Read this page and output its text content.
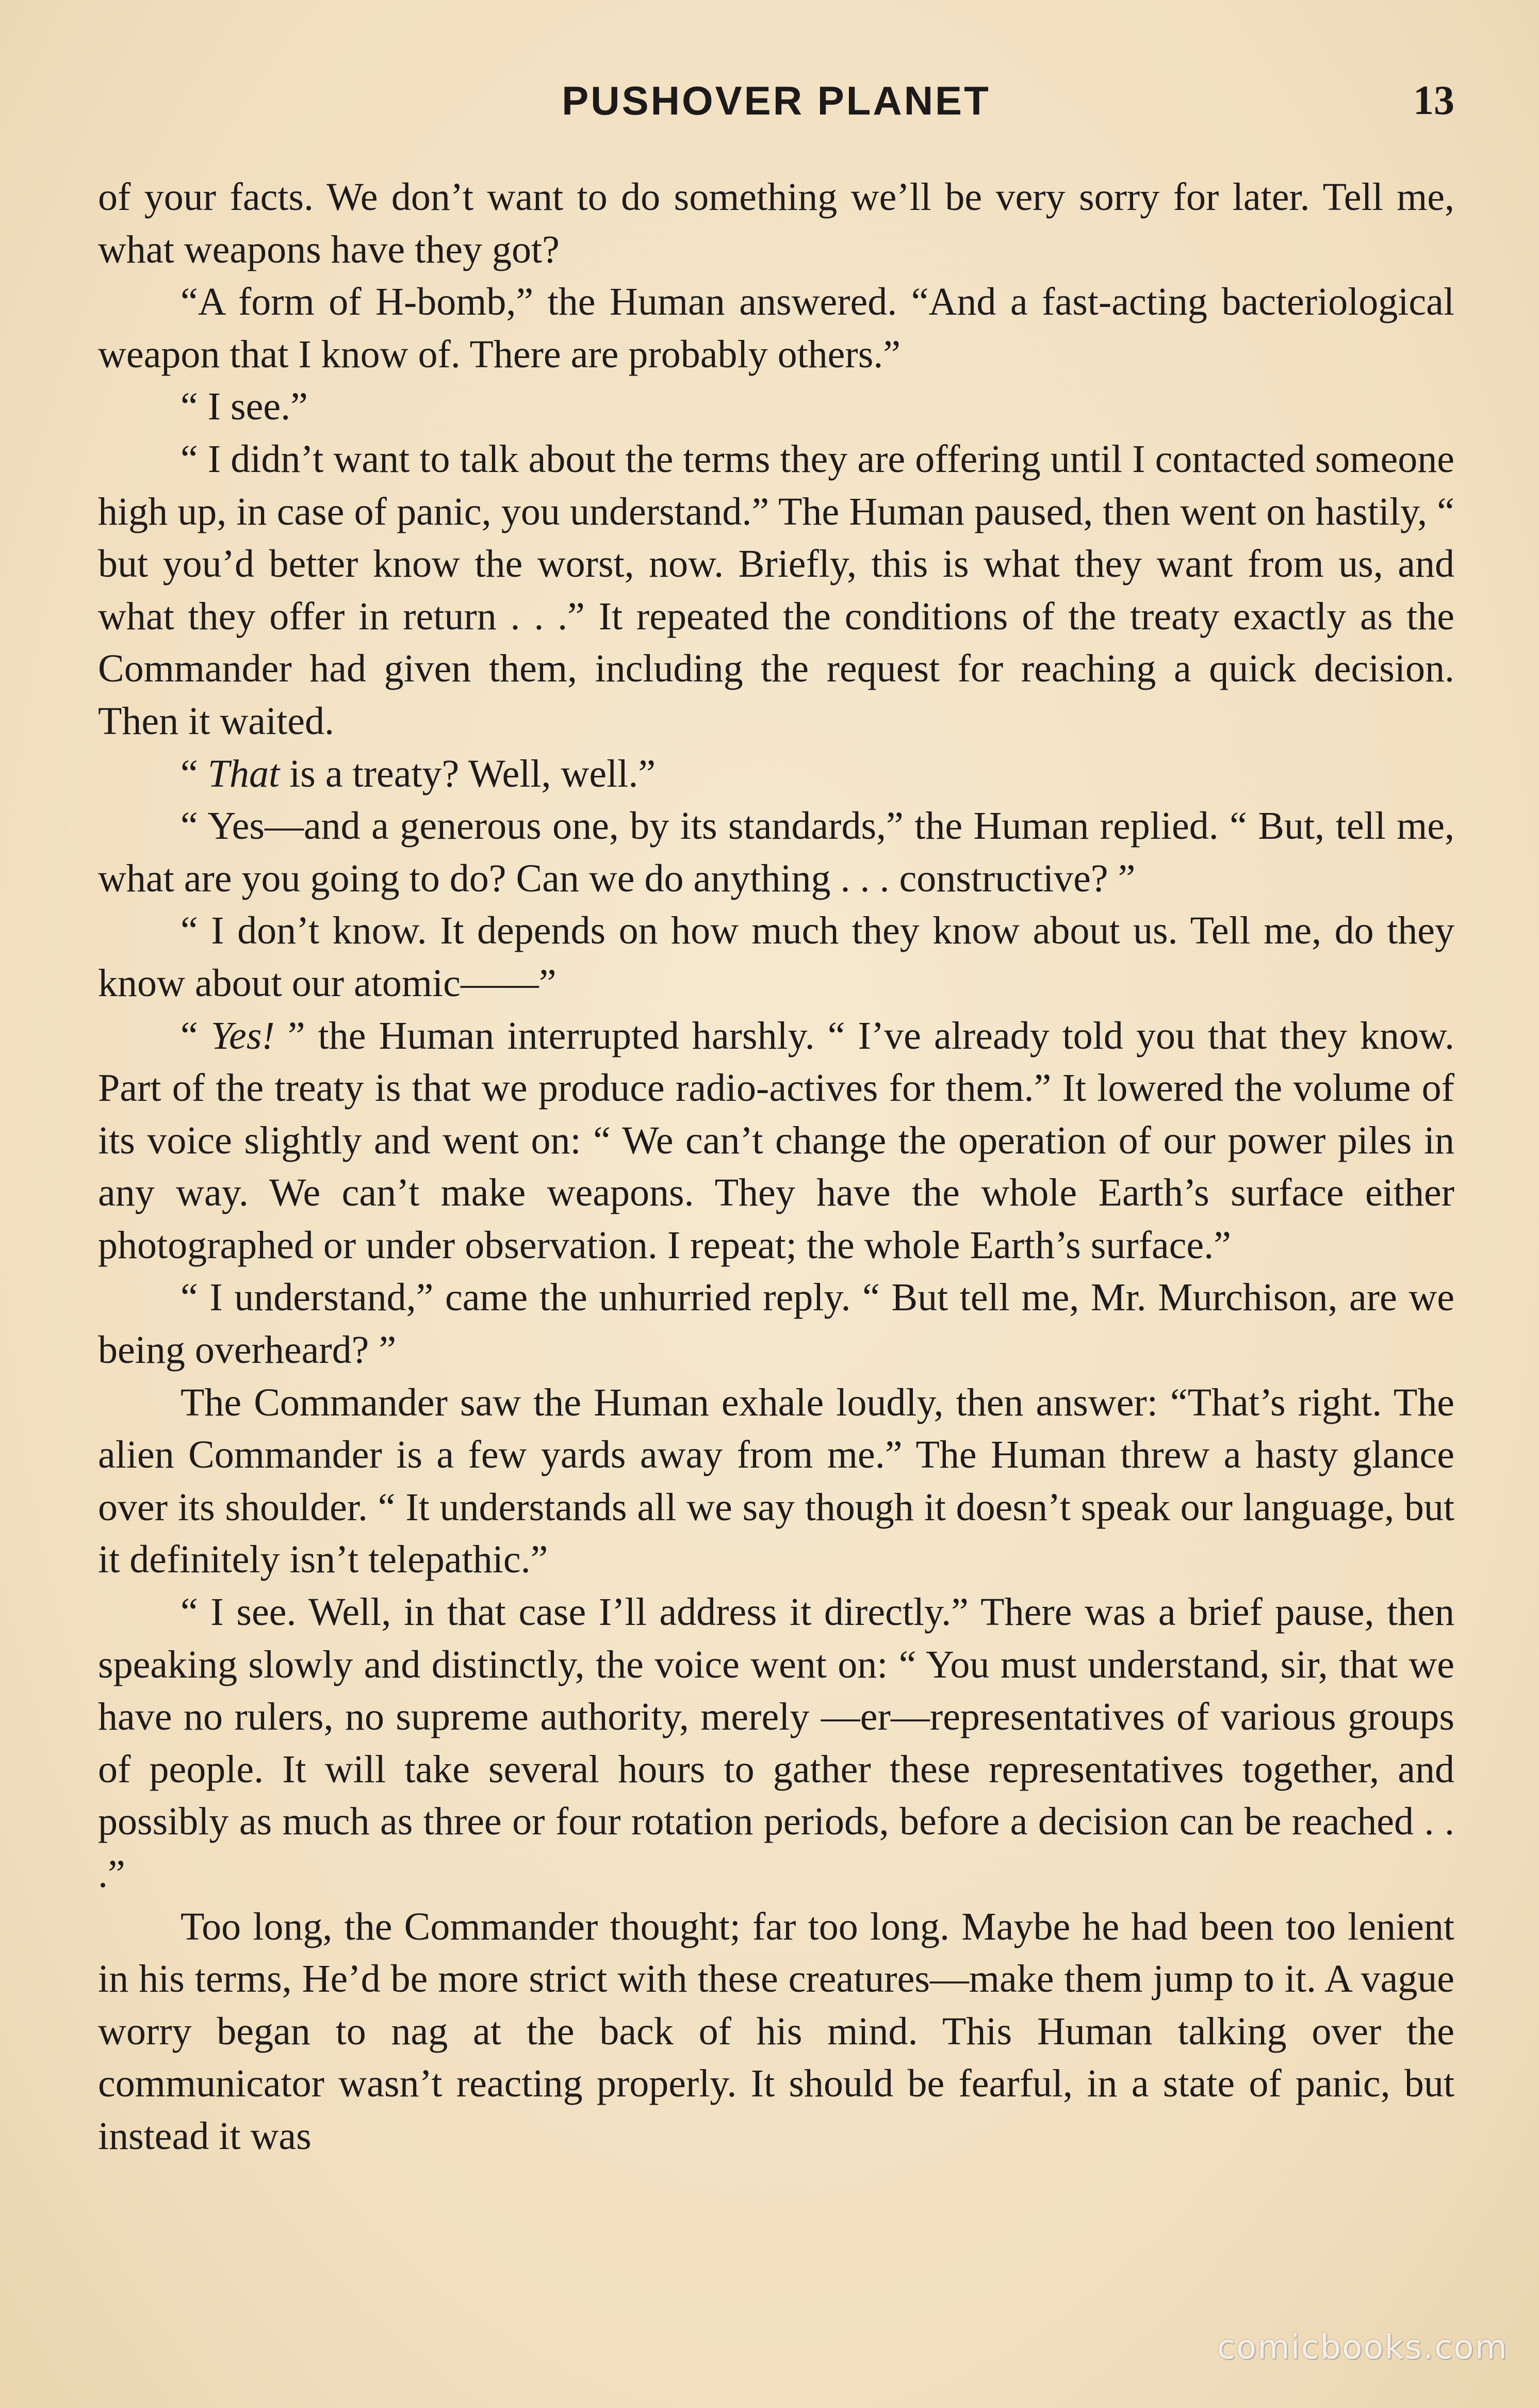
PUSHOVER PLANET	13

of your facts. We don’t want to do something we’ll be very sorry for later. Tell me, what weapons have they got?

“A form of H-bomb,” the Human answered. “And a fast-acting bacteriological weapon that I know of. There are probably others.”

“ I see.”

“ I didn’t want to talk about the terms they are offering until I contacted someone high up, in case of panic, you understand.” The Human paused, then went on hastily, “ but you’d better know the worst, now. Briefly, this is what they want from us, and what they offer in return . . .” It repeated the conditions of the treaty exactly as the Commander had given them, including the request for reaching a quick decision. Then it waited.

“ That is a treaty? Well, well.”

“ Yes—and a generous one, by its standards,” the Human replied. “ But, tell me, what are you going to do? Can we do anything . . . constructive? ”

“ I don’t know. It depends on how much they know about us. Tell me, do they know about our atomic——”

“ Yes! ” the Human interrupted harshly. “ I’ve already told you that they know. Part of the treaty is that we produce radio-actives for them.” It lowered the volume of its voice slightly and went on: “ We can’t change the operation of our power piles in any way. We can’t make weapons. They have the whole Earth’s surface either photographed or under observation. I repeat; the whole Earth’s surface.”

“ I understand,” came the unhurried reply. “ But tell me, Mr. Murchison, are we being overheard? ”

The Commander saw the Human exhale loudly, then answer: “That’s right. The alien Commander is a few yards away from me.” The Human threw a hasty glance over its shoulder. “ It understands all we say though it doesn’t speak our language, but it definitely isn’t telepathic.”

“ I see. Well, in that case I’ll address it directly.” There was a brief pause, then speaking slowly and distinctly, the voice went on: “ You must understand, sir, that we have no rulers, no supreme authority, merely —er—representatives of various groups of people. It will take several hours to gather these representatives together, and possibly as much as three or four rotation periods, before a decision can be reached . . .”

Too long, the Commander thought; far too long. Maybe he had been too lenient in his terms, He’d be more strict with these creatures—make them jump to it. A vague worry began to nag at the back of his mind. This Human talking over the communicator wasn’t reacting properly. It should be fearful, in a state of panic, but instead it was

comicbooks.com
